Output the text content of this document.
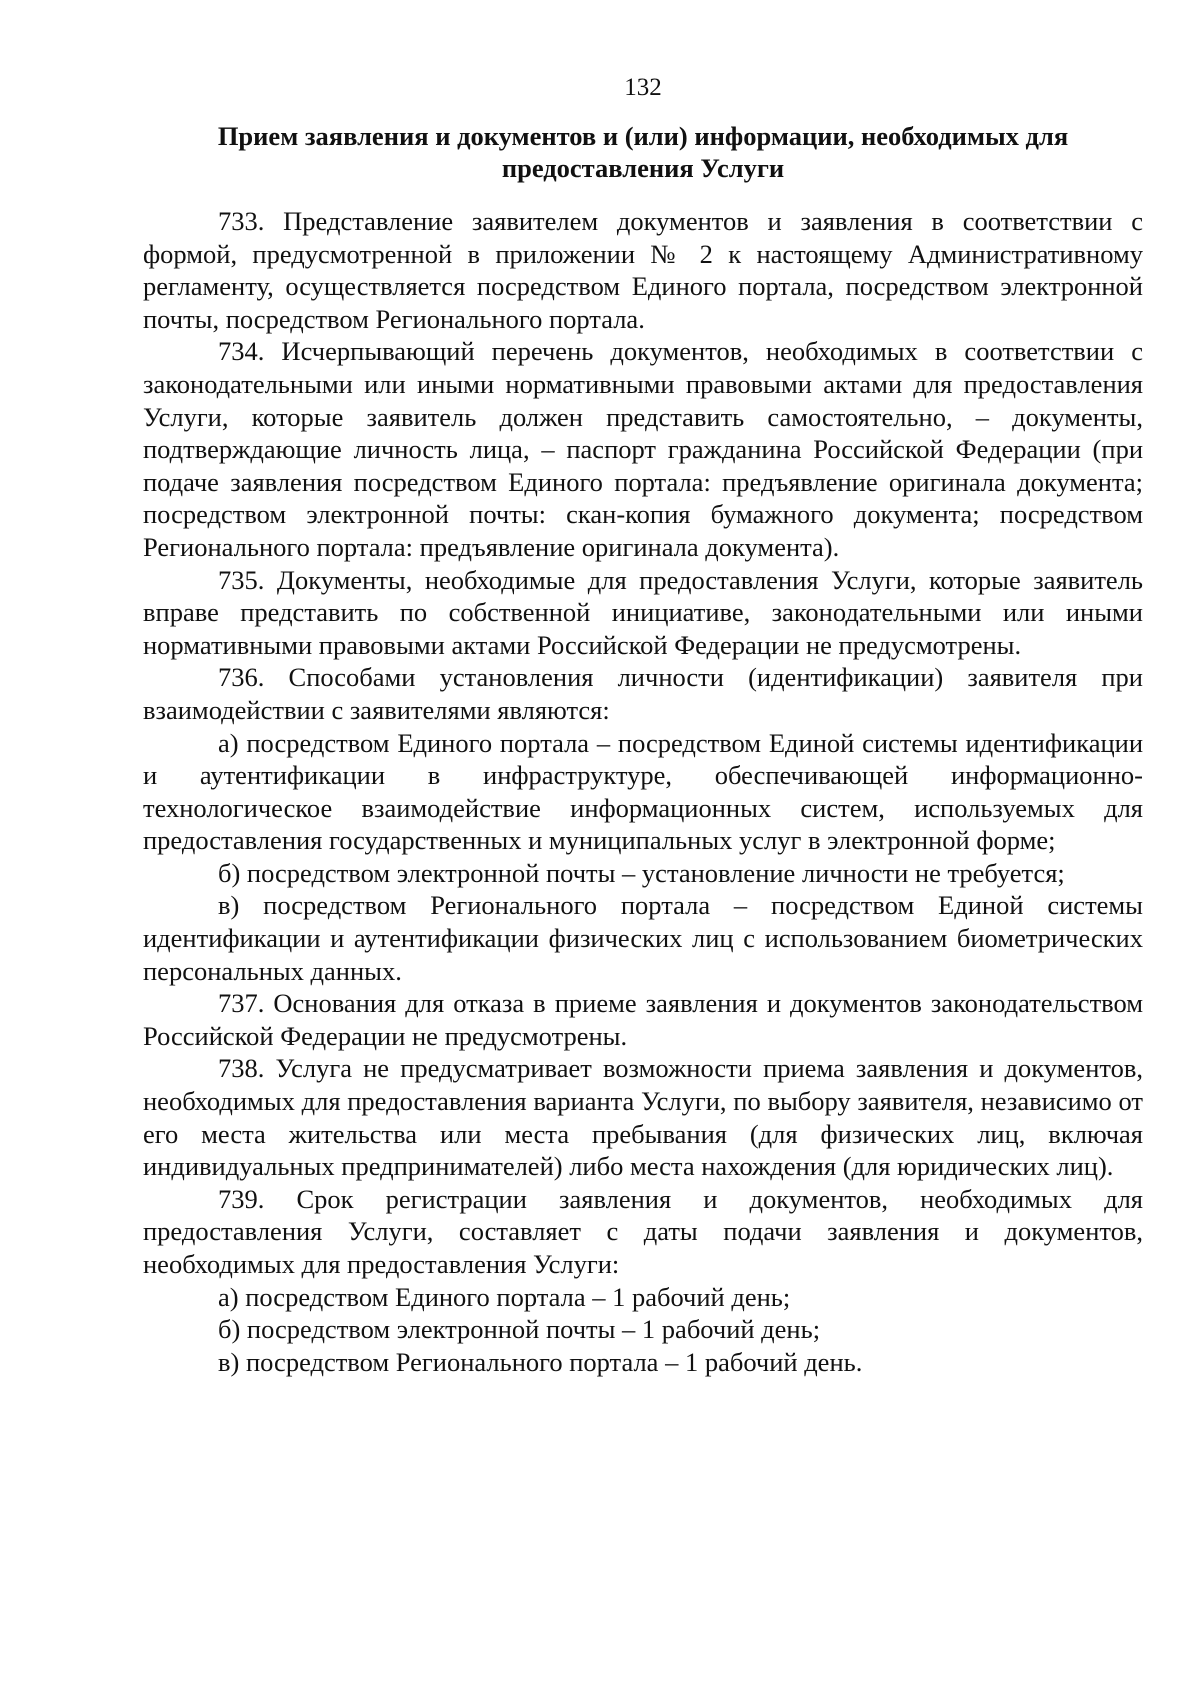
132
Прием заявления и документов и (или) информации, необходимых для
предоставления Услуги

733. Представление заявителем документов и заявления в соответствии с формой, предусмотренной в приложении № 2 к настоящему Административному регламенту, осуществляется посредством Единого портала, посредством электронной почты, посредством Регионального портала.

734. Исчерпывающий перечень документов, необходимых в соответствии с законодательными или иными нормативными правовыми актами для предоставления Услуги, которые заявитель должен представить самостоятельно, – документы, подтверждающие личность лица, – паспорт гражданина Российской Федерации (при подаче заявления посредством Единого портала: предъявление оригинала документа; посредством электронной почты: скан-копия бумажного документа; посредством Регионального портала: предъявление оригинала документа).

735. Документы, необходимые для предоставления Услуги, которые заявитель вправе представить по собственной инициативе, законодательными или иными нормативными правовыми актами Российской Федерации не предусмотрены.

736. Способами установления личности (идентификации) заявителя при взаимодействии с заявителями являются:

а) посредством Единого портала – посредством Единой системы идентификации и аутентификации в инфраструктуре, обеспечивающей информационно-технологическое взаимодействие информационных систем, используемых для предоставления государственных и муниципальных услуг в электронной форме;

б) посредством электронной почты – установление личности не требуется;

в) посредством Регионального портала – посредством Единой системы идентификации и аутентификации физических лиц с использованием биометрических персональных данных.

737. Основания для отказа в приеме заявления и документов законодательством Российской Федерации не предусмотрены.

738. Услуга не предусматривает возможности приема заявления и документов, необходимых для предоставления варианта Услуги, по выбору заявителя, независимо от его места жительства или места пребывания (для физических лиц, включая индивидуальных предпринимателей) либо места нахождения (для юридических лиц).

739. Срок регистрации заявления и документов, необходимых для предоставления Услуги, составляет с даты подачи заявления и документов, необходимых для предоставления Услуги:

а) посредством Единого портала – 1 рабочий день;

б) посредством электронной почты – 1 рабочий день;

в) посредством Регионального портала – 1 рабочий день.
